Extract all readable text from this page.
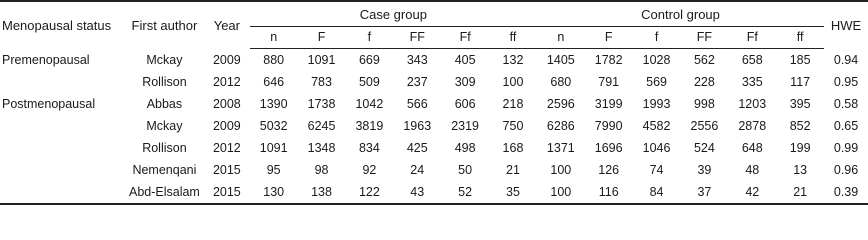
Menopausal status	First author	Year	Case group						Control group						HWE
			n	F	f	FF	Ff	ff	n	F	f	FF	Ff	ff	
Premenopausal	Mckay	2009	880	1091	669	343	405	132	1405	1782	1028	562	658	185	0.94
	Rollison	2012	646	783	509	237	309	100	680	791	569	228	335	117	0.95
Postmenopausal	Abbas	2008	1390	1738	1042	566	606	218	2596	3199	1993	998	1203	395	0.58
	Mckay	2009	5032	6245	3819	1963	2319	750	6286	7990	4582	2556	2878	852	0.65
	Rollison	2012	1091	1348	834	425	498	168	1371	1696	1046	524	648	199	0.99
	Nemenqani	2015	95	98	92	24	50	21	100	126	74	39	48	13	0.96
	Abd-Elsalam	2015	130	138	122	43	52	35	100	116	84	37	42	21	0.39
